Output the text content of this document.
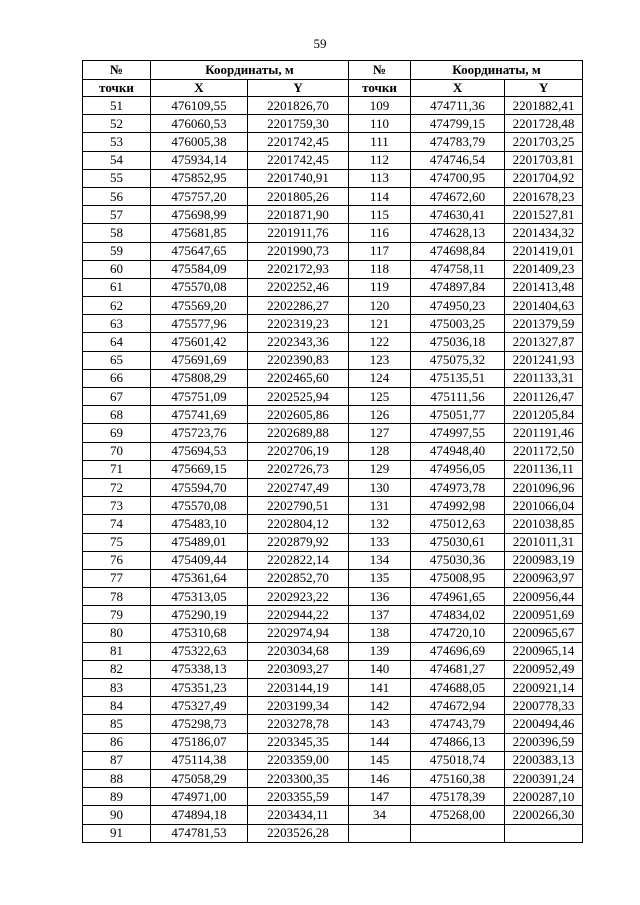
59
№	Координаты, м		№	Координаты, м	
точки	X	Y	точки	X	Y
51	476109,55	2201826,70	109	474711,36	2201882,41
52	476060,53	2201759,30	110	474799,15	2201728,48
53	476005,38	2201742,45	111	474783,79	2201703,25
54	475934,14	2201742,45	112	474746,54	2201703,81
55	475852,95	2201740,91	113	474700,95	2201704,92
56	475757,20	2201805,26	114	474672,60	2201678,23
57	475698,99	2201871,90	115	474630,41	2201527,81
58	475681,85	2201911,76	116	474628,13	2201434,32
59	475647,65	2201990,73	117	474698,84	2201419,01
60	475584,09	2202172,93	118	474758,11	2201409,23
61	475570,08	2202252,46	119	474897,84	2201413,48
62	475569,20	2202286,27	120	474950,23	2201404,63
63	475577,96	2202319,23	121	475003,25	2201379,59
64	475601,42	2202343,36	122	475036,18	2201327,87
65	475691,69	2202390,83	123	475075,32	2201241,93
66	475808,29	2202465,60	124	475135,51	2201133,31
67	475751,09	2202525,94	125	475111,56	2201126,47
68	475741,69	2202605,86	126	475051,77	2201205,84
69	475723,76	2202689,88	127	474997,55	2201191,46
70	475694,53	2202706,19	128	474948,40	2201172,50
71	475669,15	2202726,73	129	474956,05	2201136,11
72	475594,70	2202747,49	130	474973,78	2201096,96
73	475570,08	2202790,51	131	474992,98	2201066,04
74	475483,10	2202804,12	132	475012,63	2201038,85
75	475489,01	2202879,92	133	475030,61	2201011,31
76	475409,44	2202822,14	134	475030,36	2200983,19
77	475361,64	2202852,70	135	475008,95	2200963,97
78	475313,05	2202923,22	136	474961,65	2200956,44
79	475290,19	2202944,22	137	474834,02	2200951,69
80	475310,68	2202974,94	138	474720,10	2200965,67
81	475322,63	2203034,68	139	474696,69	2200965,14
82	475338,13	2203093,27	140	474681,27	2200952,49
83	475351,23	2203144,19	141	474688,05	2200921,14
84	475327,49	2203199,34	142	474672,94	2200778,33
85	475298,73	2203278,78	143	474743,79	2200494,46
86	475186,07	2203345,35	144	474866,13	2200396,59
87	475114,38	2203359,00	145	475018,74	2200383,13
88	475058,29	2203300,35	146	475160,38	2200391,24
89	474971,00	2203355,59	147	475178,39	2200287,10
90	474894,18	2203434,11	34	475268,00	2200266,30
91	474781,53	2203526,28			
